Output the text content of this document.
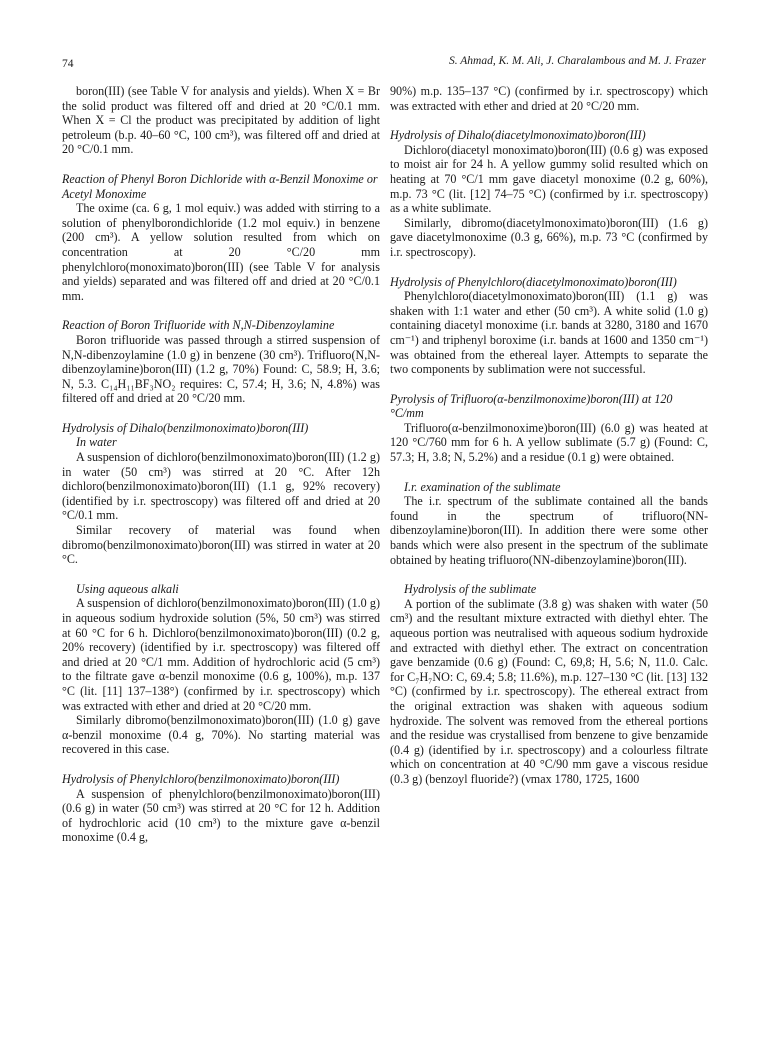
74	S. Ahmad, K. M. Ali, J. Charalambous and M. J. Frazer

boron(III) (see Table V for analysis and yields). When X = Br the solid product was filtered off and dried at 20 °C/0.1 mm. When X = Cl the product was precipitated by addition of light petroleum (b.p. 40–60 °C, 100 cm³), was filtered off and dried at 20 °C/0.1 mm.

Reaction of Phenyl Boron Dichloride with α-Benzil Monoxime or Acetyl Monoxime

The oxime (ca. 6 g, 1 mol equiv.) was added with stirring to a solution of phenylborondichloride (1.2 mol equiv.) in benzene (200 cm³). A yellow solution resulted from which on concentration at 20 °C/20 mm phenylchloro(monoximato)boron(III) (see Table V for analysis and yields) separated and was filtered off and dried at 20 °C/0.1 mm.

Reaction of Boron Trifluoride with N,N-Dibenzoylamine

Boron trifluoride was passed through a stirred suspension of N,N-dibenzoylamine (1.0 g) in benzene (30 cm³). Trifluoro(N,N-dibenzoylamine)boron(III) (1.2 g, 70%) Found: C, 58.9; H, 3.6; N, 5.3. C₁₄H₁₁BF₃NO₂ requires: C, 57.4; H, 3.6; N, 4.8%) was filtered off and dried at 20 °C/20 mm.

Hydrolysis of Dihalo(benzilmonoximato)boron(III)

In water

A suspension of dichloro(benzilmonoximato)boron(III) (1.2 g) in water (50 cm³) was stirred at 20 °C. After 12h dichloro(benzilmonoximato)boron(III) (1.1 g, 92% recovery) (identified by i.r. spectroscopy) was filtered off and dried at 20 °C/0.1 mm.

Similar recovery of material was found when dibromo(benzilmonoximato)boron(III) was stirred in water at 20 °C.

Using aqueous alkali

A suspension of dichloro(benzilmonoximato)boron(III) (1.0 g) in aqueous sodium hydroxide solution (5%, 50 cm³) was stirred at 60 °C for 6 h. Dichloro(benzilmonoximato)boron(III) (0.2 g, 20% recovery) (identified by i.r. spectroscopy) was filtered off and dried at 20 °C/1 mm. Addition of hydrochloric acid (5 cm³) to the filtrate gave α-benzil monoxime (0.6 g, 100%), m.p. 137 °C (lit. [11] 137–138°) (confirmed by i.r. spectroscopy) which was extracted with ether and dried at 20 °C/20 mm.

Similarly dibromo(benzilmonoximato)boron(III) (1.0 g) gave α-benzil monoxime (0.4 g, 70%). No starting material was recovered in this case.

Hydrolysis of Phenylchloro(benzilmonoximato)boron(III)

A suspension of phenylchloro(benzilmonoximato)boron(III) (0.6 g) in water (50 cm³) was stirred at 20 °C for 12 h. Addition of hydrochloric acid (10 cm³) to the mixture gave α-benzil monoxime (0.4 g,

90%) m.p. 135–137 °C) (confirmed by i.r. spectroscopy) which was extracted with ether and dried at 20 °C/20 mm.

Hydrolysis of Dihalo(diacetylmonoximato)boron(III)

Dichloro(diacetyl monoximato)boron(III) (0.6 g) was exposed to moist air for 24 h. A yellow gummy solid resulted which on heating at 70 °C/1 mm gave diacetyl monoxime (0.2 g, 60%), m.p. 73 °C (lit. [12] 74–75 °C) (confirmed by i.r. spectroscopy) as a white sublimate.

Similarly, dibromo(diacetylmonoximato)boron(III) (1.6 g) gave diacetylmonoxime (0.3 g, 66%), m.p. 73 °C (confirmed by i.r. spectroscopy).

Hydrolysis of Phenylchloro(diacetylmonoximato)boron(III)

Phenylchloro(diacetylmonoximato)boron(III) (1.1 g) was shaken with 1:1 water and ether (50 cm³). A white solid (1.0 g) containing diacetyl monoxime (i.r. bands at 3280, 3180 and 1670 cm⁻¹) and triphenyl boroxime (i.r. bands at 1600 and 1350 cm⁻¹) was obtained from the ethereal layer. Attempts to separate the two components by sublimation were not successful.

Pyrolysis of Trifluoro(α-benzilmonoxime)boron(III) at 120 °C/mm

Trifluoro(α-benzilmonoxime)boron(III) (6.0 g) was heated at 120 °C/760 mm for 6 h. A yellow sublimate (5.7 g) (Found: C, 57.3; H, 3.8; N, 5.2%) and a residue (0.1 g) were obtained.

I.r. examination of the sublimate

The i.r. spectrum of the sublimate contained all the bands found in the spectrum of trifluoro(NN-dibenzoylamine)boron(III). In addition there were some other bands which were also present in the spectrum of the sublimate obtained by heating trifluoro(NN-dibenzoylamine)boron(III).

Hydrolysis of the sublimate

A portion of the sublimate (3.8 g) was shaken with water (50 cm³) and the resultant mixture extracted with diethyl ehter. The aqueous portion was neutralised with aqueous sodium hydroxide and extracted with diethyl ether. The extract on concentration gave benzamide (0.6 g) (Found: C, 69,8; H, 5.6; N, 11.0. Calc. for C₇H₇NO: C, 69.4; 5.8; 11.6%), m.p. 127–130 °C (lit. [13] 132 °C) (confirmed by i.r. spectroscopy). The ethereal extract from the original extraction was shaken with aqueous sodium hydroxide. The solvent was removed from the ethereal portions and the residue was crystallised from benzene to give benzamide (0.4 g) (identified by i.r. spectroscopy) and a colourless filtrate which on concentration at 40 °C/90 mm gave a viscous residue (0.3 g) (benzoyl fluoride?) (νmax 1780, 1725, 1600
